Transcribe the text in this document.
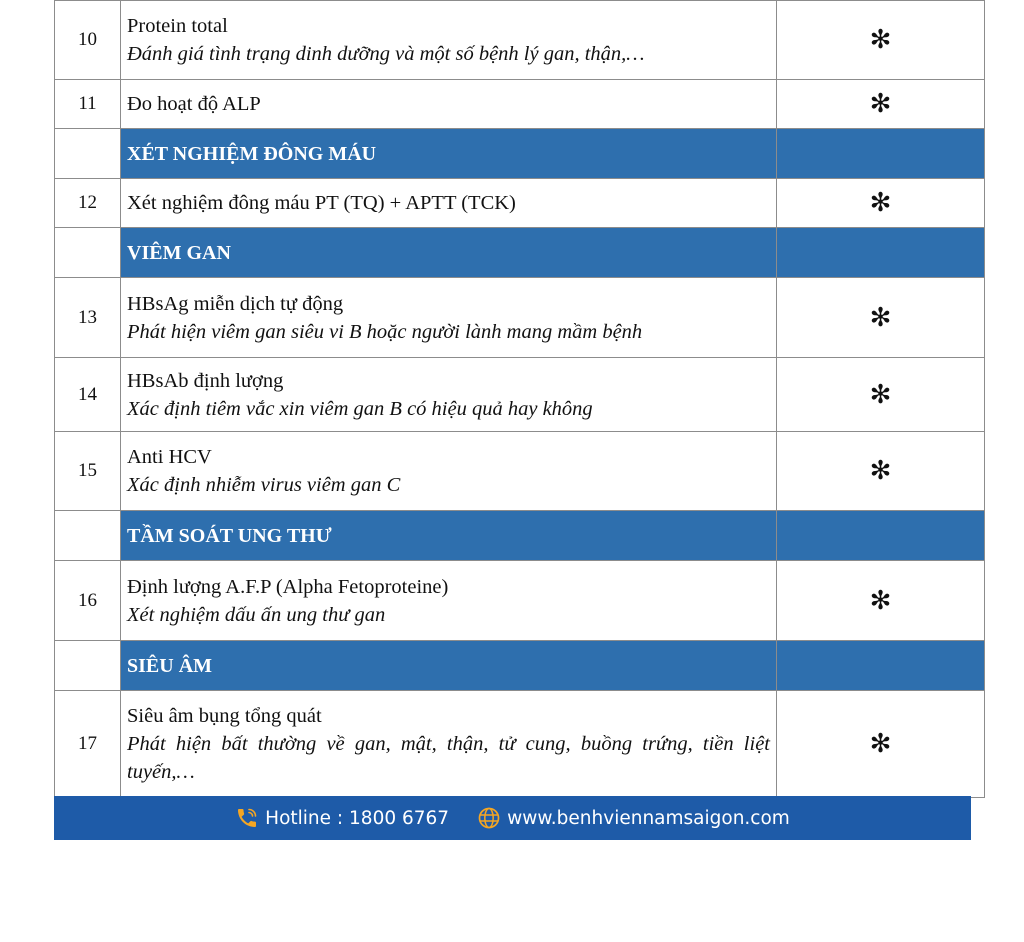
10	Protein total
Đánh giá tình trạng dinh dưỡng và một số bệnh lý gan, thận,…	✻
11	Đo hoạt độ ALP	✻
	XÉT NGHIỆM ĐÔNG MÁU	
12	Xét nghiệm đông máu PT (TQ) + APTT (TCK)	✻
	VIÊM GAN	
13	HBsAg miễn dịch tự động
Phát hiện viêm gan siêu vi B hoặc người lành mang mầm bệnh	✻
14	HBsAb định lượng
Xác định tiêm vắc xin viêm gan B có hiệu quả hay không	✻
15	Anti HCV
Xác định nhiễm virus viêm gan C	✻
	TẦM SOÁT UNG THƯ	
16	Định lượng A.F.P (Alpha Fetoproteine)
Xét nghiệm dấu ấn ung thư gan	✻
	SIÊU ÂM	
17	Siêu âm bụng tổng quát
Phát hiện bất thường về gan, mật, thận, tử cung, buồng trứng, tiền liệt tuyến,…	✻
Hotline : 1800 6767	www.benhviennamsaigon.com
